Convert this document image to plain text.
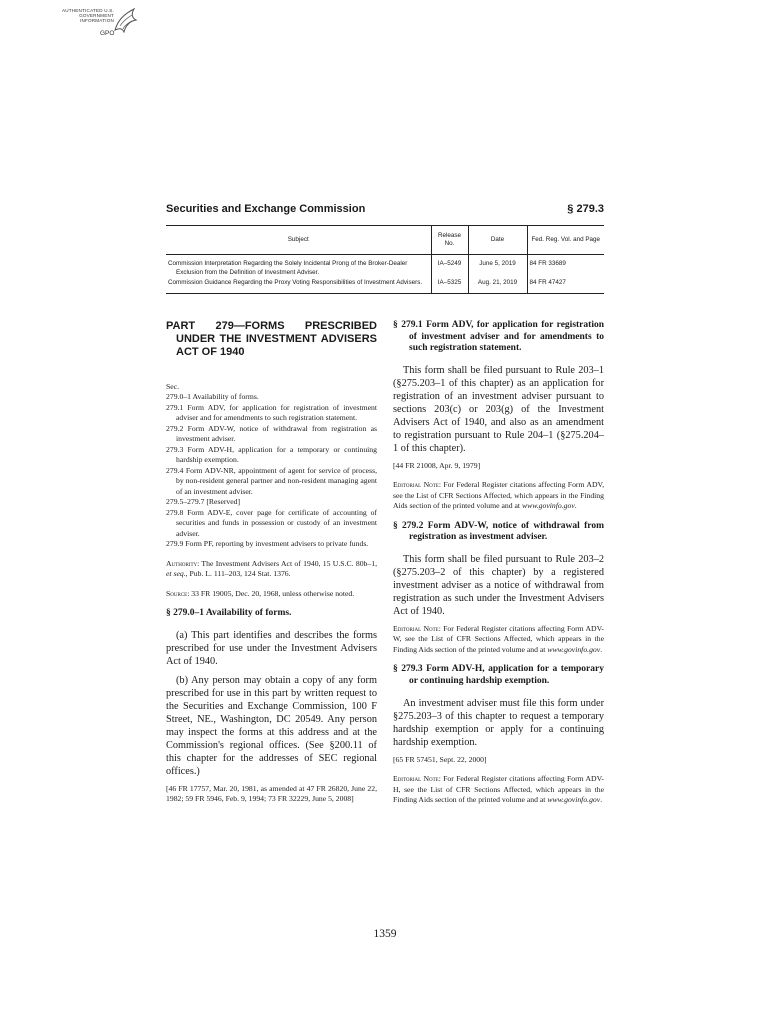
AUTHENTICATED U.S. GOVERNMENT INFORMATION
GPO
Securities and Exchange Commission	§ 279.3
Subject	Release No.	Date	Fed. Reg. Vol. and Page
Commission Interpretation Regarding the Solely Incidental Prong of the Broker-Dealer Exclusion from the Definition of Investment Adviser.	IA–5249	June 5, 2019	84 FR 33689
Commission Guidance Regarding the Proxy Voting Responsibilities of Investment Advisers.	IA–5325	Aug. 21, 2019	84 FR 47427
PART 279—FORMS PRESCRIBED UNDER THE INVESTMENT ADVISERS ACT OF 1940

Sec.

279.0–1 Availability of forms.
279.1 Form ADV, for application for registration of investment adviser and for amendments to such registration statement.
279.2 Form ADV-W, notice of withdrawal from registration as investment adviser.
279.3 Form ADV-H, application for a temporary or continuing hardship exemption.
279.4 Form ADV-NR, appointment of agent for service of process, by non-resident general partner and non-resident managing agent of an investment adviser.
279.5–279.7 [Reserved]
279.8 Form ADV-E, cover page for certificate of accounting of securities and funds in possession or custody of an investment adviser.
279.9 Form PF, reporting by investment advisers to private funds.

Authority: The Investment Advisers Act of 1940, 15 U.S.C. 80b–1, et seq., Pub. L. 111–203, 124 Stat. 1376.

Source: 33 FR 19005, Dec. 20, 1968, unless otherwise noted.

§ 279.0–1 Availability of forms.

(a) This part identifies and describes the forms prescribed for use under the Investment Advisers Act of 1940.

(b) Any person may obtain a copy of any form prescribed for use in this part by written request to the Securities and Exchange Commission, 100 F Street, NE., Washington, DC 20549. Any person may inspect the forms at this address and at the Commission's regional offices. (See §200.11 of this chapter for the addresses of SEC regional offices.)

[46 FR 17757, Mar. 20, 1981, as amended at 47 FR 26820, June 22, 1982; 59 FR 5946, Feb. 9, 1994; 73 FR 32229, June 5, 2008]

§ 279.1 Form ADV, for application for registration of investment adviser and for amendments to such registration statement.

This form shall be filed pursuant to Rule 203–1 (§275.203–1 of this chapter) as an application for registration of an investment adviser pursuant to sections 203(c) or 203(g) of the Investment Advisers Act of 1940, and also as an amendment to registration pursuant to Rule 204–1 (§275.204–1 of this chapter).

[44 FR 21008, Apr. 9, 1979]

Editorial Note: For Federal Register citations affecting Form ADV, see the List of CFR Sections Affected, which appears in the Finding Aids section of the printed volume and at www.govinfo.gov.

§ 279.2 Form ADV-W, notice of withdrawal from registration as investment adviser.

This form shall be filed pursuant to Rule 203–2 (§275.203–2 of this chapter) by a registered investment adviser as a notice of withdrawal from registration as such under the Investment Advisers Act of 1940.

Editorial Note: For Federal Register citations affecting Form ADV-W, see the List of CFR Sections Affected, which appears in the Finding Aids section of the printed volume and at www.govinfo.gov.

§ 279.3 Form ADV-H, application for a temporary or continuing hardship exemption.

An investment adviser must file this form under §275.203–3 of this chapter to request a temporary hardship exemption or apply for a continuing hardship exemption.

[65 FR 57451, Sept. 22, 2000]

Editorial Note: For Federal Register citations affecting Form ADV-H, see the List of CFR Sections Affected, which appears in the Finding Aids section of the printed volume and at www.govinfo.gov.

1359
